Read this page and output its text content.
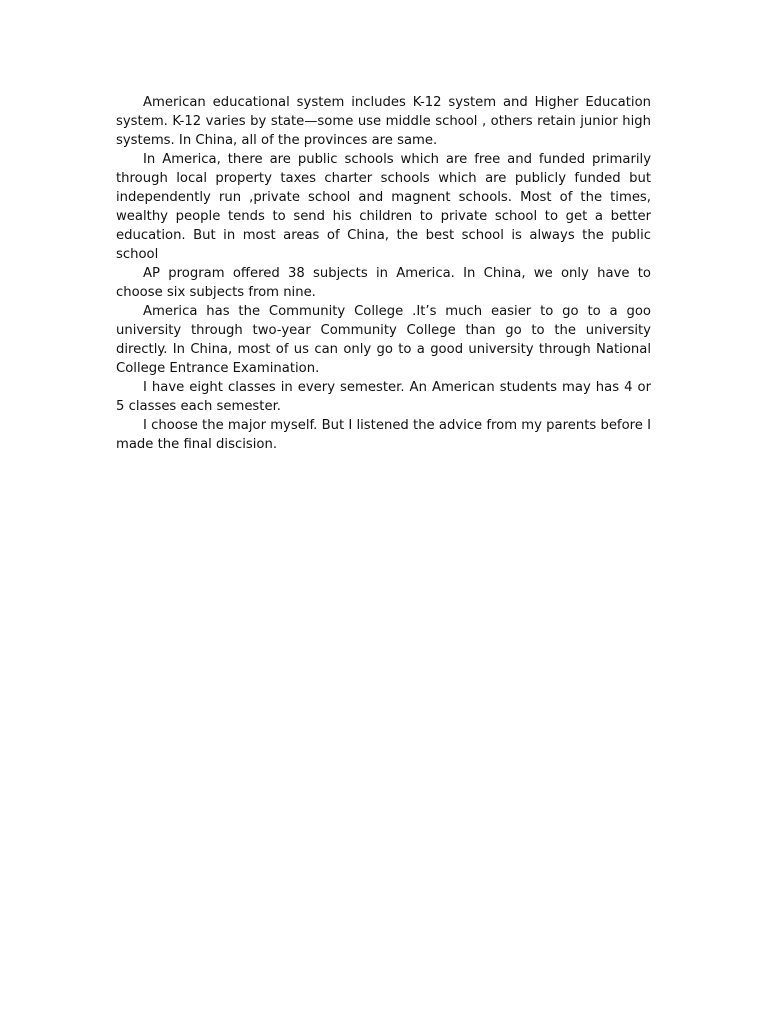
American educational system includes K-12 system and Higher Education system. K-12 varies by state—some use middle school , others retain junior high systems. In China, all of the provinces are same.

In America, there are public schools which are free and funded primarily through local property taxes charter schools which are publicly funded but independently run ,private school and magnent schools. Most of the times, wealthy people tends to send his children to private school to get a better education. But in most areas of China, the best school is always the public school

AP program offered 38 subjects in America. In China, we only have to choose six subjects from nine.

America has the Community College .It’s much easier to go to a goo university through two-year Community College than go to the university directly. In China, most of us can only go to a good university through National College Entrance Examination.

I have eight classes in every semester. An American students may has 4 or 5 classes each semester.

I choose the major myself. But I listened the advice from my parents before I made the final discision.
